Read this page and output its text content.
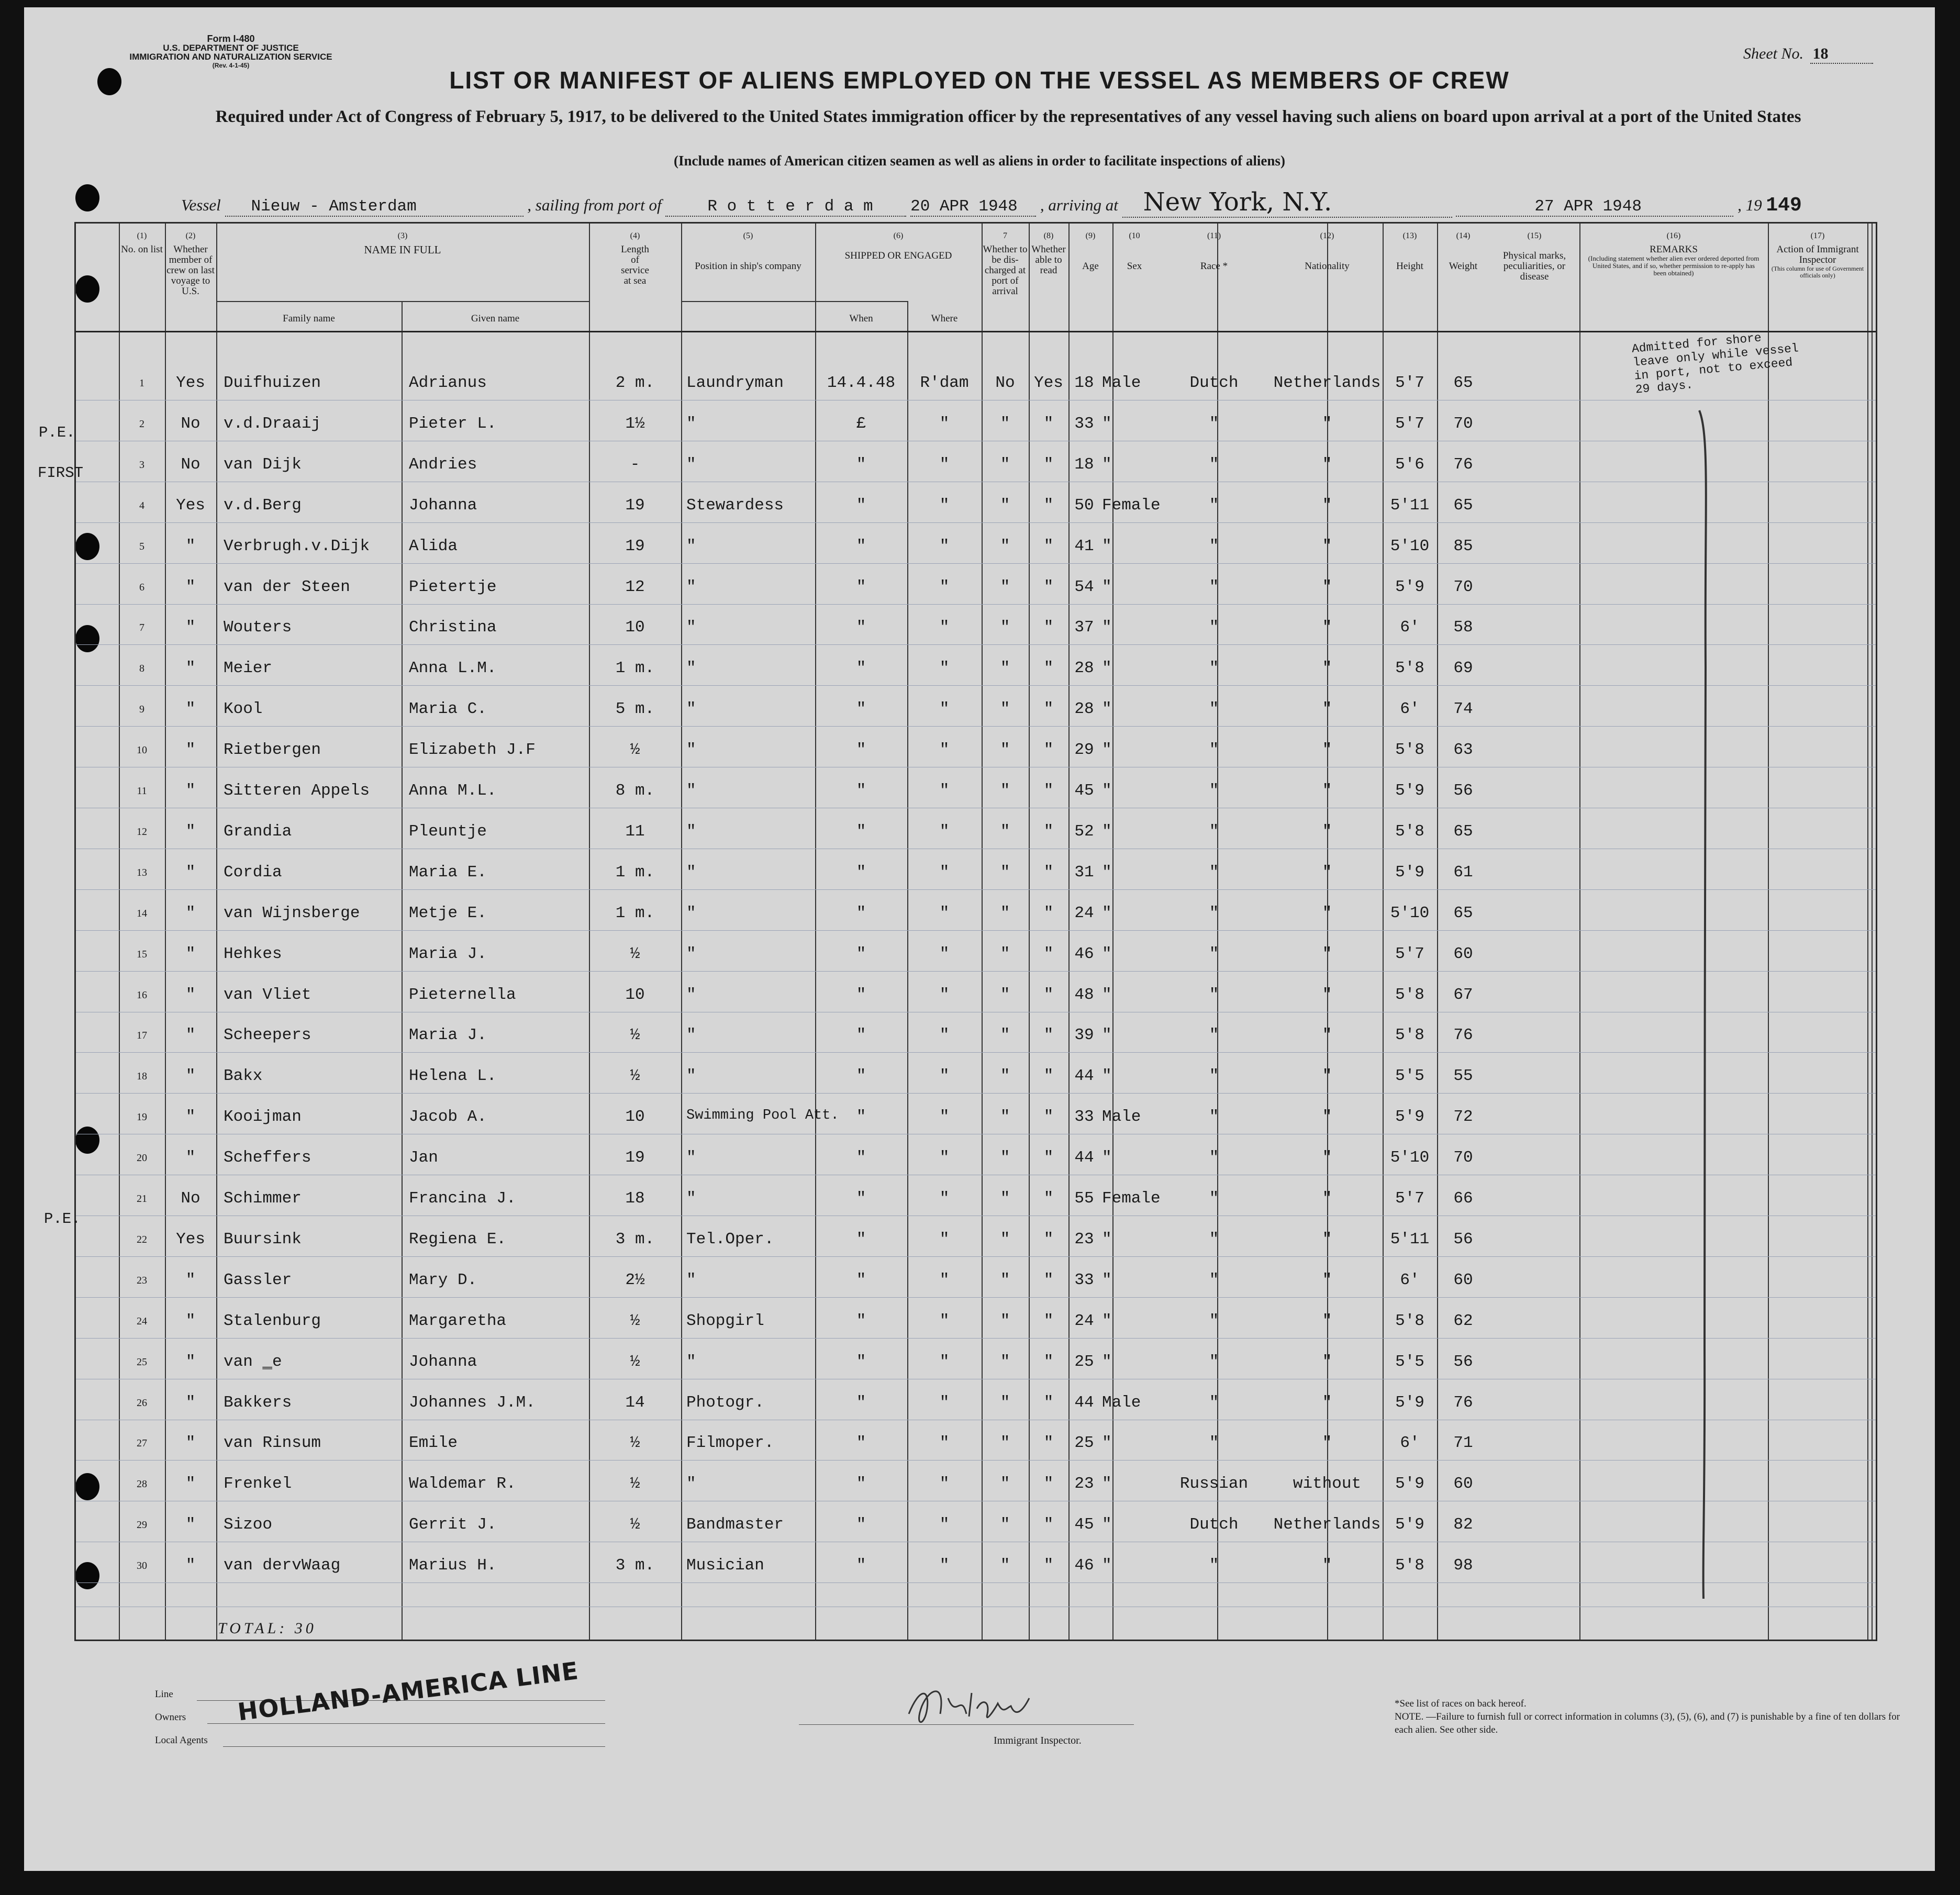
Form I-480
U.S. DEPARTMENT OF JUSTICE
IMMIGRATION AND NATURALIZATION SERVICE
(Rev. 4-1-45)
Sheet No. 18
LIST OR MANIFEST OF ALIENS EMPLOYED ON THE VESSEL AS MEMBERS OF CREW
Required under Act of Congress of February 5, 1917, to be delivered to the United States immigration officer by the representatives of any vessel having such aliens on board upon arrival at a port of the United States
(Include names of American citizen seamen as well as aliens in order to facilitate inspections of aliens)
Vessel Nieuw - Amsterdam	, sailing from port of	R o t t e r d a m 20 APR 1948 , arriving at New York, N.Y.	27 APR 1948	, 19 149
(1)
No. on list
(2)
Whether member of crew on last voyage to U.S.
(3)
NAME IN FULL
Family name	Given name
(4)
Length of service at sea
(5)
Position in ship's company
(6)
SHIPPED OR ENGAGED
When	Where
7
Whether to be dis-charged at port of arrival
(8)
Whether able to read
(9)
Age
(10
Sex
(11)
Race *
(12)
Nationality
(13)
Height
(14)
Weight
(15)
Physical marks, peculiarities, or disease
(16)
REMARKS
(Including statement whether alien ever ordered deported from United States, and if so, whether permission to re-apply has been obtained)
(17)
Action of Immigrant Inspector
(This column for use of Government officials only)
1	Yes	Duifhuizen	Adrianus	2 m.	Laundryman	14.4.48	R'dam	No	Yes 18 Male	Dutch	Netherlands 5'7	65
2	No	v.d.Draaij	Pieter L.	1½	"	£	"	"	"	33 "	"	"	5'7	70
3	No	van Dijk	Andries	-	"	"	"	"	"	18 "	"	"	5'6	76
4	Yes	v.d.Berg	Johanna	19	Stewardess	"	"	"	"	50 Female	"	"	5'11	65
5	"	Verbrugh.v.Dijk	Alida	19	"	"	"	"	"	41 "	"	"	5'10	85
6	"	van der Steen	Pietertje	12	"	"	"	"	"	54 "	"	"	5'9	70
7	"	Wouters	Christina	10	"	"	"	"	"	37 "	"	"	6'	58
8	"	Meier	Anna L.M.	1 m.	"	"	"	"	"	28 "	"	"	5'8	69
9	"	Kool	Maria C.	5 m.	"	"	"	"	"	28 "	"	"	6'	74
10	"	Rietbergen	Elizabeth J.F	½	"	"	"	"	"	29 "	"	"	5'8	63
11	"	Sitteren Appels	Anna M.L.	8 m.	"	"	"	"	"	45 "	"	"	5'9	56
12	"	Grandia	Pleuntje	11	"	"	"	"	"	52 "	"	"	5'8	65
13	"	Cordia	Maria E.	1 m.	"	"	"	"	"	31 "	"	"	5'9	61
14	"	van Wijnsberge	Metje E.	1 m.	"	"	"	"	"	24 "	"	"	5'10	65
15	"	Hehkes	Maria J.	½	"	"	"	"	"	46 "	"	"	5'7	60
16	"	van Vliet	Pieternella	10	"	"	"	"	"	48 "	"	"	5'8	67
17	"	Scheepers	Maria J.	½	"	"	"	"	"	39 "	"	"	5'8	76
18	"	Bakx	Helena L.	½	"	"	"	"	"	44 "	"	"	5'5	55
19	"	Kooijman	Jacob A.	10	Swimming Pool Att.	"	"	"	"	33 Male	"	"	5'9	72
20	"	Scheffers	Jan	19	"	"	"	"	"	44 "	"	"	5'10	70
21	No	Schimmer	Francina J.	18	"	"	"	"	"	55 Female	"	"	5'7	66
22	Yes	Buursink	Regiena E.	3 m.	Tel.Oper.	"	"	"	"	23 "	"	"	5'11	56
23	"	Gassler	Mary D.	2½	"	"	"	"	"	33 "	"	"	6'	60
24	"	Stalenburg	Margaretha	½	Shopgirl	"	"	"	"	24 "	"	"	5'8	62
25	"	van ‗e	Johanna	½	"	"	"	"	"	25 "	"	"	5'5	56
26	"	Bakkers	Johannes J.M.	14	Photogr.	"	"	"	"	44 Male	"	"	5'9	76
27	"	van Rinsum	Emile	½	Filmoper.	"	"	"	"	25 "	"	"	6'	71
28	"	Frenkel	Waldemar R.	½	"	"	"	"	"	23 "	Russian	without	5'9	60
29	"	Sizoo	Gerrit J.	½	Bandmaster	"	"	"	"	45 "	Dutch	Netherlands 5'9	82
30	"	van dervWaag	Marius H.	3 m.	Musician	"	"	"	"	46 "	"	"	5'8	98
P.E.
FIRST
P.E.
Admitted for shore leave only while vessel in port, not to exceed 29 days.
TOTAL: 30
Line
Owners
Local Agents
HOLLAND-AMERICA LINE
Immigrant Inspector.
*See list of races on back hereof.
NOTE. —Failure to furnish full or correct information in columns (3), (5), (6), and (7) is punishable by a fine of ten dollars for each alien. See other side.
